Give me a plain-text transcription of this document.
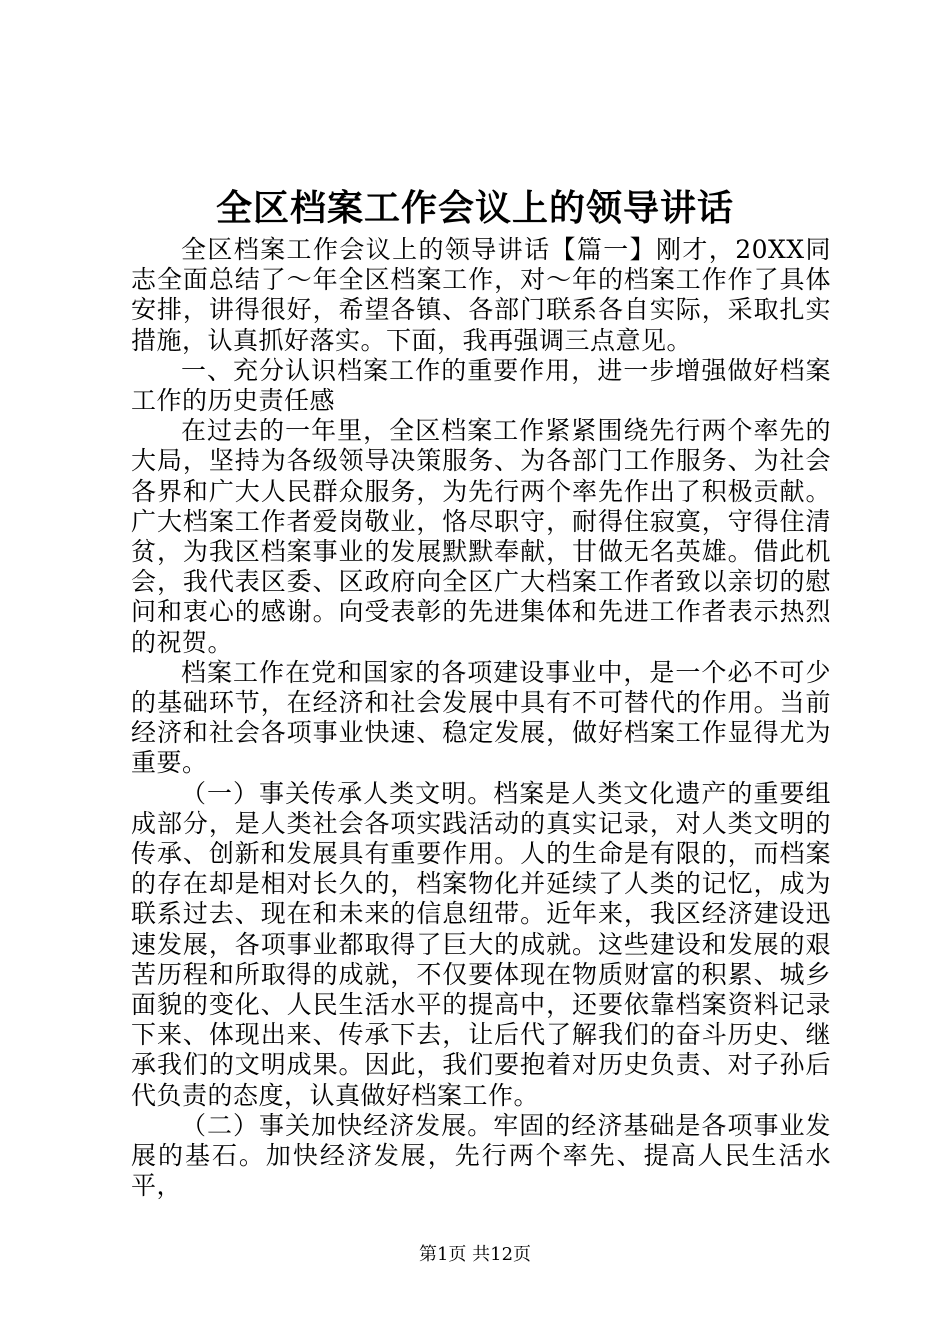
全区档案工作会议上的领导讲话

全区档案工作会议上的领导讲话【篇一】刚才，20XX同志全面总结了～年全区档案工作，对～年的档案工作作了具体安排，讲得很好，希望各镇、各部门联系各自实际，采取扎实措施，认真抓好落实。下面，我再强调三点意见。

一、充分认识档案工作的重要作用，进一步增强做好档案工作的历史责任感

在过去的一年里，全区档案工作紧紧围绕先行两个率先的大局，坚持为各级领导决策服务、为各部门工作服务、为社会各界和广大人民群众服务，为先行两个率先作出了积极贡献。广大档案工作者爱岗敬业，恪尽职守，耐得住寂寞，守得住清贫，为我区档案事业的发展默默奉献，甘做无名英雄。借此机会，我代表区委、区政府向全区广大档案工作者致以亲切的慰问和衷心的感谢。向受表彰的先进集体和先进工作者表示热烈的祝贺。

档案工作在党和国家的各项建设事业中，是一个必不可少的基础环节，在经济和社会发展中具有不可替代的作用。当前经济和社会各项事业快速、稳定发展，做好档案工作显得尤为重要。

（一）事关传承人类文明。档案是人类文化遗产的重要组成部分，是人类社会各项实践活动的真实记录，对人类文明的传承、创新和发展具有重要作用。人的生命是有限的，而档案的存在却是相对长久的，档案物化并延续了人类的记忆，成为联系过去、现在和未来的信息纽带。近年来，我区经济建设迅速发展，各项事业都取得了巨大的成就。这些建设和发展的艰苦历程和所取得的成就，不仅要体现在物质财富的积累、城乡面貌的变化、人民生活水平的提高中，还要依靠档案资料记录下来、体现出来、传承下去，让后代了解我们的奋斗历史、继承我们的文明成果。因此，我们要抱着对历史负责、对子孙后代负责的态度，认真做好档案工作。

（二）事关加快经济发展。牢固的经济基础是各项事业发展的基石。加快经济发展，先行两个率先、提高人民生活水平，

第1页 共12页
